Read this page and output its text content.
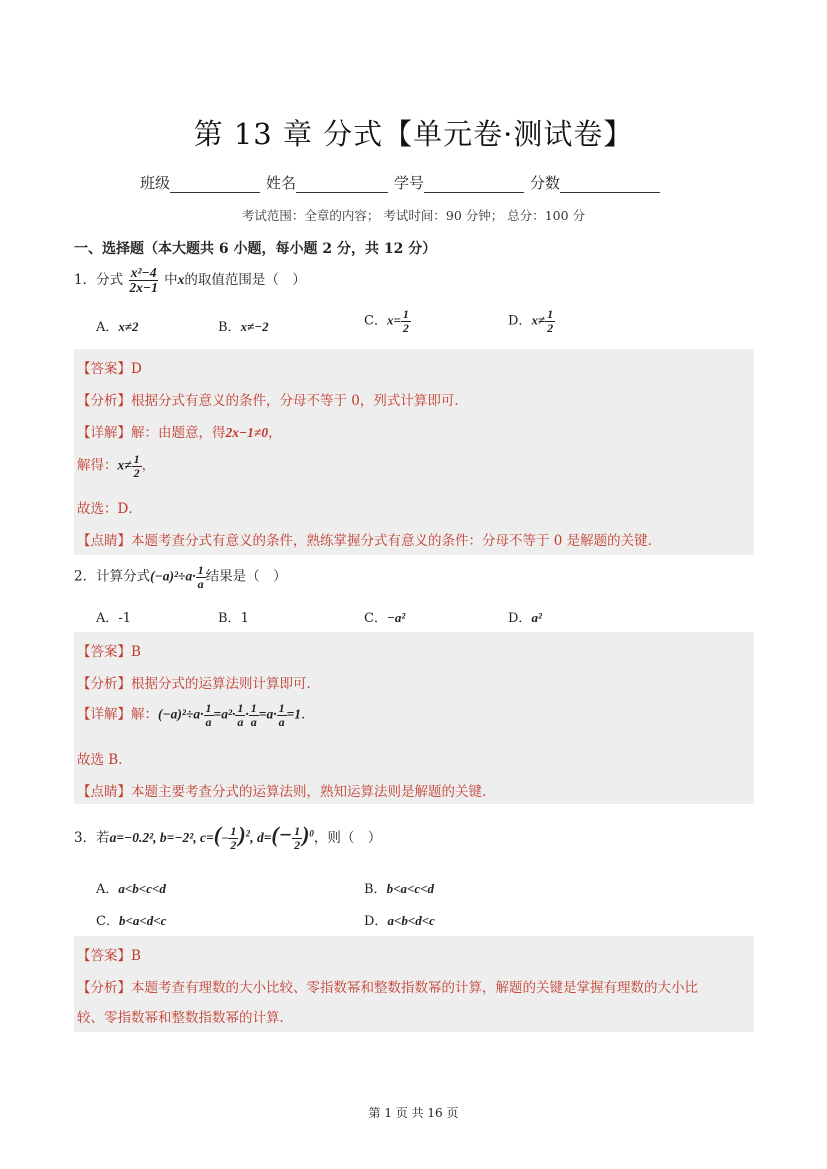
第 13 章 分式【单元卷·测试卷】
班级	姓名	学号	分数
考试范围：全章的内容； 考试时间：90 分钟； 总分：100 分
一、选择题（本大题共 6 小题，每小题 2 分，共 12 分）
1．分式 $\frac{\text{x²−4}}{2x-1}$ 中x的取值范围是（　）
A．x≠2	B．x≠−2	C．$x= \frac{1}{2}$	D．$x\ne \frac{1}{2}$
【答案】D
【分析】根据分式有意义的条件，分母不等于 0，列式计算即可．
【详解】解：由题意，得2x−1≠0，
解得：$x\ne \frac{1}{2}$ ，
故选：D．
【点睛】本题考查分式有意义的条件，熟练掌握分式有意义的条件：分母不等于 0 是解题的关键．
2．计算分式$(-a)^2\div a\cdot \frac{1}{a}$ 结果是（　）
A．-1	B．1	C．−a²	D．a²
【答案】B
【分析】根据分式的运算法则计算即可．
【详解】解：$(-a)^2\div a\cdot \frac{1}{a} =a^2\cdot \frac{1}{a} \cdot \frac{1}{a} =a\cdot \frac{1}{a} =1$．
故选 B．
【点睛】本题主要考查分式的运算法则，熟知运算法则是解题的关键．
3．若a=−0.2², b=−2², $c=(- \frac{1}{2} )^2$, $d=(- \frac{1}{2} )^0$，则（　）
A．a<b<c<d	B．b<a<c<d
C．b<a<d<c	D．a<b<d<c
【答案】B
【分析】本题考查有理数的大小比较、零指数幂和整数指数幂的计算，解题的关键是掌握有理数的大小比
较、零指数幂和整数指数幂的计算．
第 1 页 共 16 页
